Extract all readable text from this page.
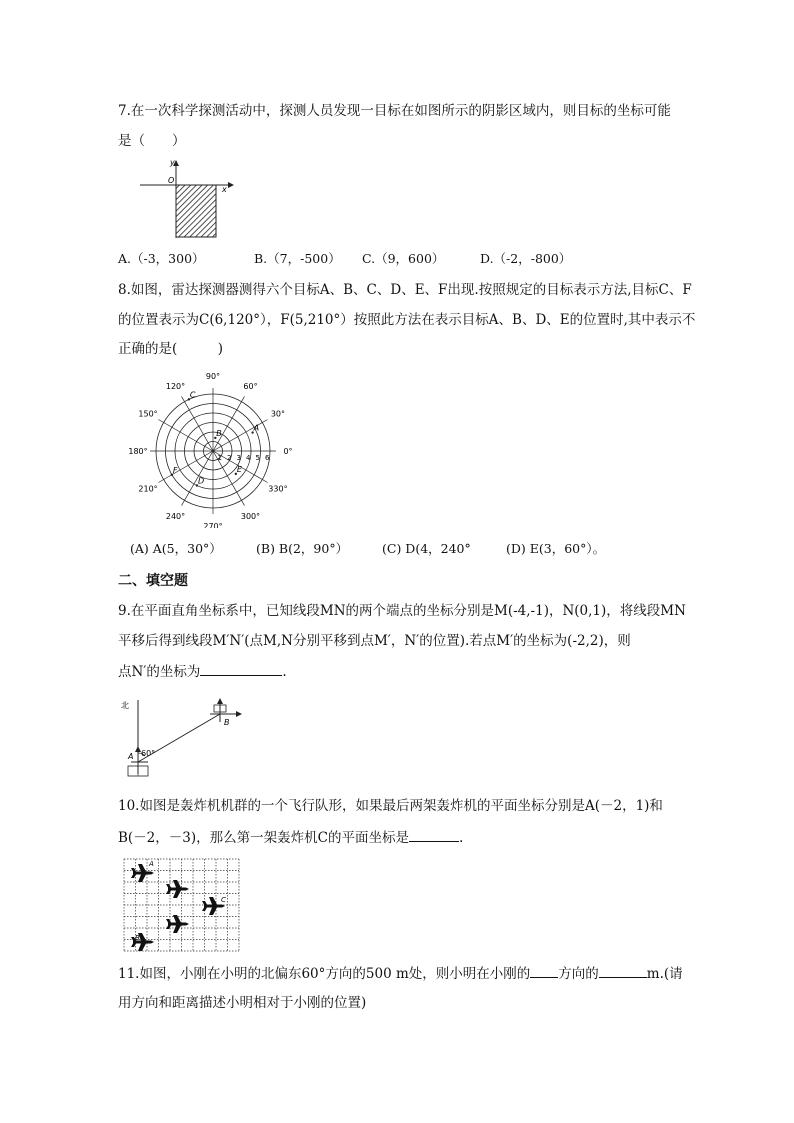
7.在一次科学探测活动中，探测人员发现一目标在如图所示的阴影区域内，则目标的坐标可能
是（　　）
y
O
x
A.（-3，300）	B.（7，-500） C.（9，600）	D.（-2，-800）
8.如图，雷达探测器测得六个目标A、B、C、D、E、F出现.按照规定的目标表示方法,目标C、F
的位置表示为C(6,120°），F(5,210°）按照此方法在表示目标A、B、D、E的位置时,其中表示不
正确的是(　　　)
90°
60°
30°
0°
330°
300°
270°
240°
210°
180°
150°
120°
1 2 3 4 5 6
A
B
C
D
E
F
(A) A(5，30°）	(B) B(2，90°）	(C) D(4，240°	(D) E(3，60°）。
二、填空题
9.在平面直角坐标系中，已知线段MN的两个端点的坐标分别是M(-4,-1)，N(0,1)，将线段MN
平移后得到线段M′N′(点M,N分别平移到点M′，N′的位置).若点M′的坐标为(-2,2)，则
点N′的坐标为	.
北
A 60°
B
10.如图是轰炸机机群的一个飞行队形，如果最后两架轰炸机的平面坐标分别是A(－2，1)和
B(－2，－3)，那么第一架轰炸机C的平面坐标是	.
A
B
C
11.如图，小刚在小明的北偏东60°方向的500 m处，则小明在小刚的 方向的	m.(请
用方向和距离描述小明相对于小刚的位置)
